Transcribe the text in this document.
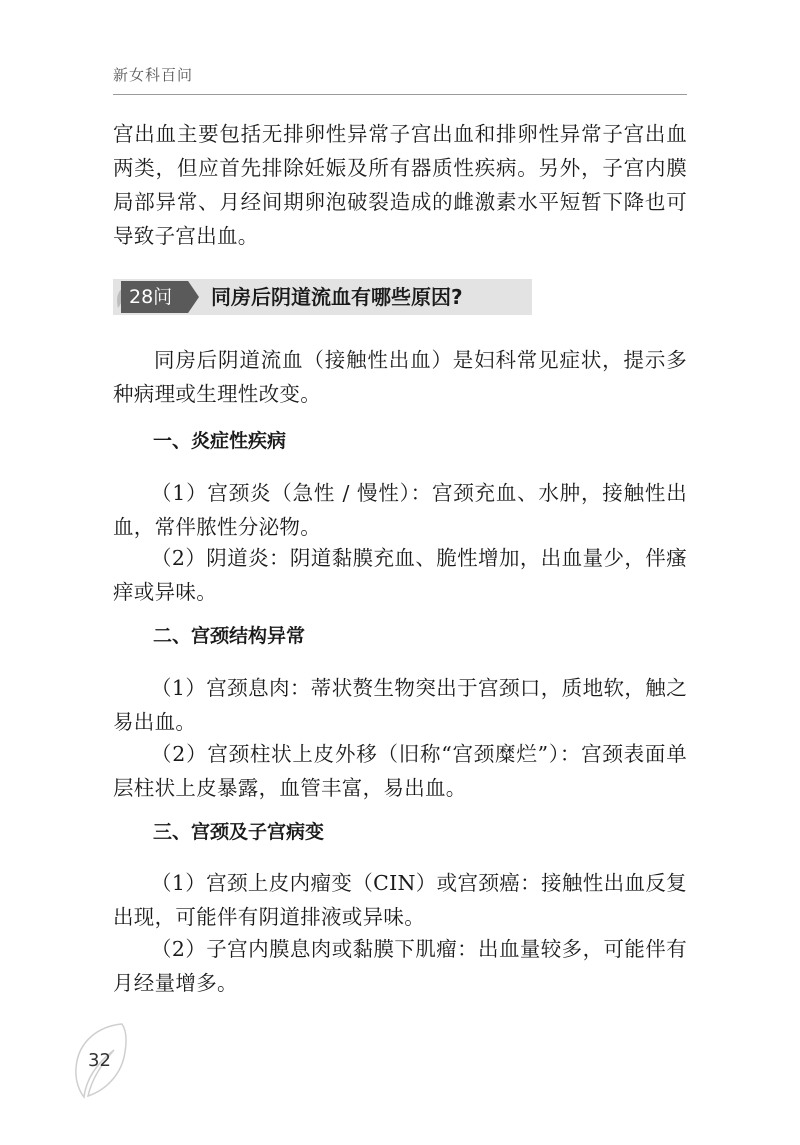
新女科百问

宫出血主要包括无排卵性异常子宫出血和排卵性异常子宫出血两类，但应首先排除妊娠及所有器质性疾病。另外，子宫内膜局部异常、月经间期卵泡破裂造成的雌激素水平短暂下降也可导致子宫出血。

28问	同房后阴道流血有哪些原因?

同房后阴道流血（接触性出血）是妇科常见症状，提示多种病理或生理性改变。

一、炎症性疾病

（1）宫颈炎（急性 / 慢性）：宫颈充血、水肿，接触性出血，常伴脓性分泌物。

（2）阴道炎：阴道黏膜充血、脆性增加，出血量少，伴瘙痒或异味。

二、宫颈结构异常

（1）宫颈息肉：蒂状赘生物突出于宫颈口，质地软，触之易出血。

（2）宫颈柱状上皮外移（旧称“宫颈糜烂”）：宫颈表面单层柱状上皮暴露，血管丰富，易出血。

三、宫颈及子宫病变

（1）宫颈上皮内瘤变（CIN）或宫颈癌：接触性出血反复出现，可能伴有阴道排液或异味。

（2）子宫内膜息肉或黏膜下肌瘤：出血量较多，可能伴有月经量增多。

32
